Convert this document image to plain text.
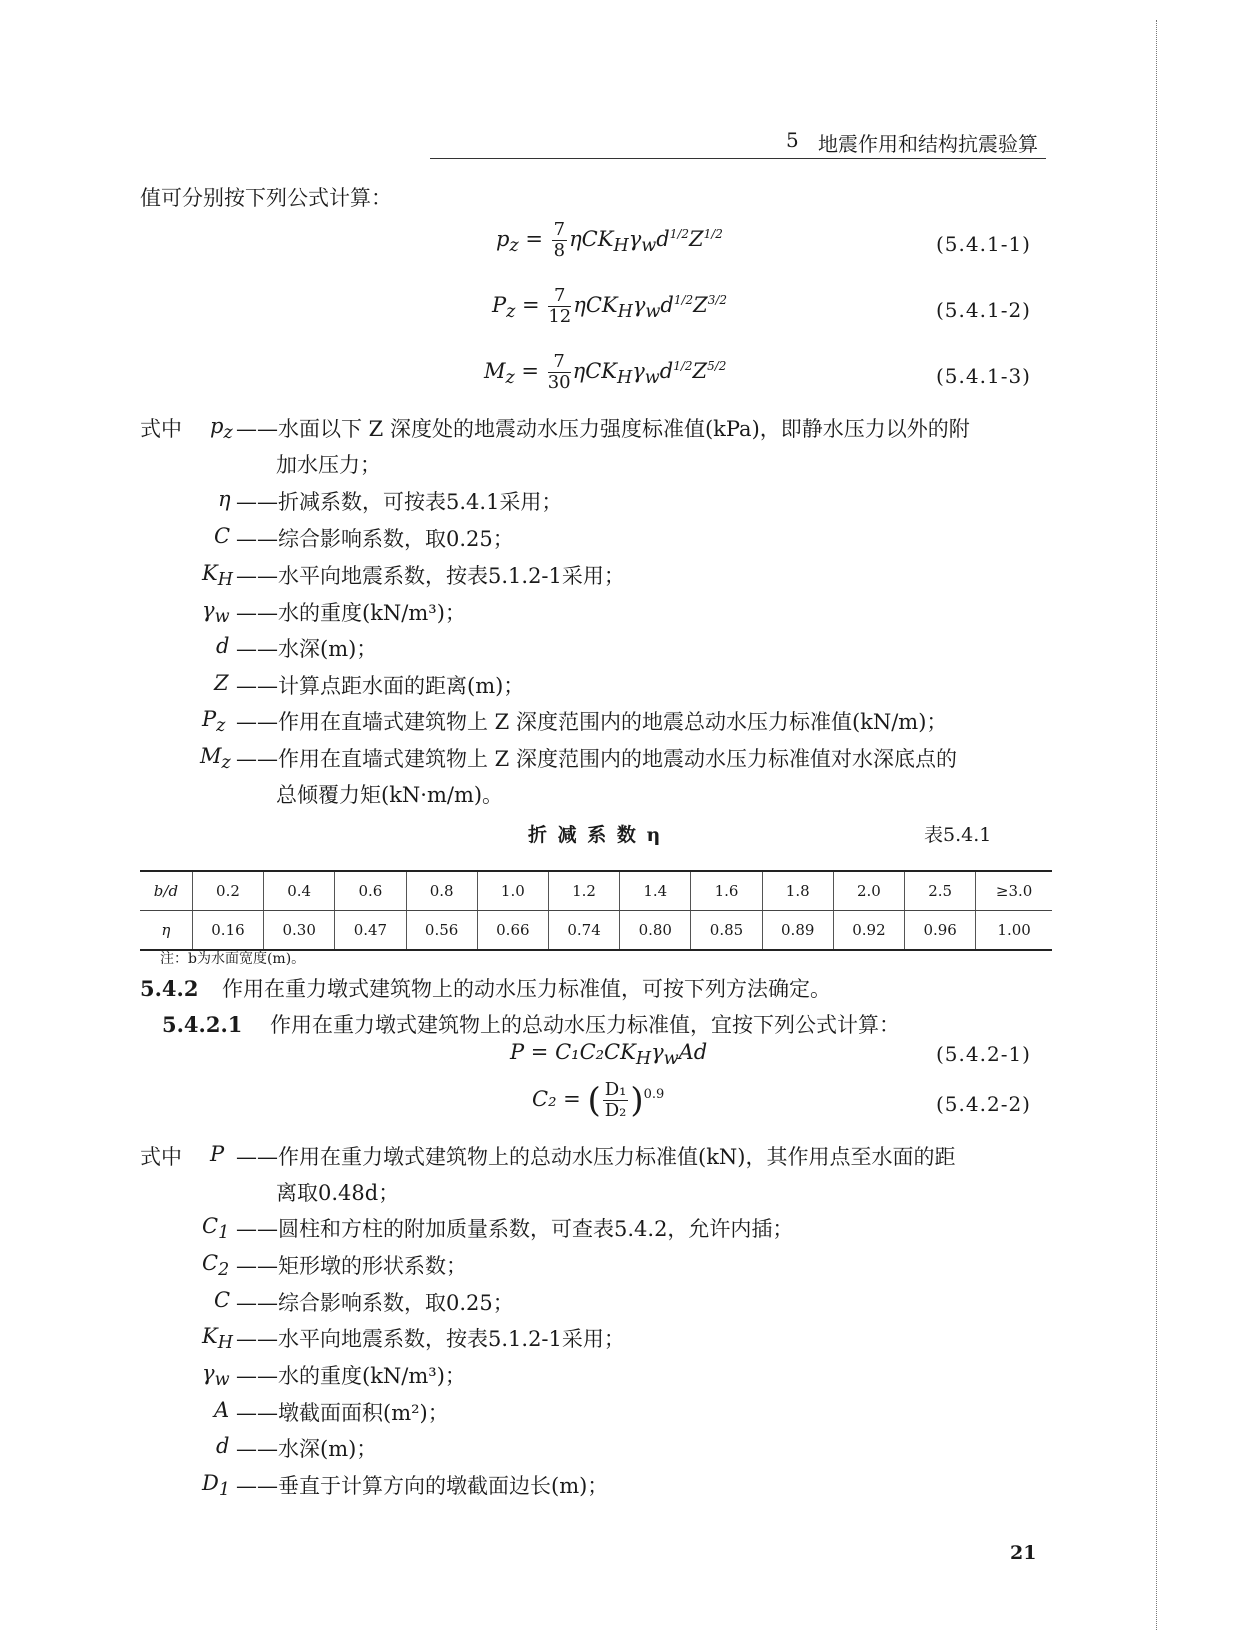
5 地震作用和结构抗震验算
值可分别按下列公式计算：
$p_z = \frac{7}{8} \eta CK_H\gamma_wd^{1/2}Z^{1/2}$	(5.4.1-1)
$P_z = \frac{7}{12} \eta CK_H\gamma_wd^{1/2}Z^{3/2}$	(5.4.1-2)
$M_z = \frac{7}{30} \eta CK_H\gamma_wd^{1/2}Z^{5/2}$	(5.4.1-3)
式中 $p_z$ ——水面以下 Z 深度处的地震动水压力强度标准值(kPa)，即静水压力以外的附
加水压力；
η ——折减系数，可按表5.4.1采用；
C ——综合影响系数，取0.25；
$K_H$ ——水平向地震系数，按表5.1.2-1采用；
$\gamma_w$ ——水的重度(kN/m³)；
d ——水深(m)；
Z ——计算点距水面的距离(m)；
$P_z$ ——作用在直墙式建筑物上 Z 深度范围内的地震总动水压力标准值(kN/m)；
$M_z$ ——作用在直墙式建筑物上 Z 深度范围内的地震动水压力标准值对水深底点的
总倾覆力矩(kN·m/m)。
折 减 系 数 η	表5.4.1
b/d	0.2	0.4	0.6	0.8	1.0	1.2	1.4	1.6	1.8	2.0	2.5	≥3.0
η	0.16	0.30	0.47	0.56	0.66	0.74	0.80	0.85	0.89	0.92	0.96	1.00
注：b为水面宽度(m)。
5.4.2 作用在重力墩式建筑物上的动水压力标准值，可按下列方法确定。
5.4.2.1 作用在重力墩式建筑物上的总动水压力标准值，宜按下列公式计算：
$P = C_1C_2CK_H\gamma_wAd$	(5.4.2-1)
C₂ = ( $\frac{\text{D₁}}{\text{D₂}} )^{0.9}$	(5.4.2-2)
式中 P ——作用在重力墩式建筑物上的总动水压力标准值(kN)，其作用点至水面的距
离取0.48d；
$C_1$ ——圆柱和方柱的附加质量系数，可查表5.4.2，允许内插；
$C_2$ ——矩形墩的形状系数；
C ——综合影响系数，取0.25；
$K_H$ ——水平向地震系数，按表5.1.2-1采用；
$\gamma_w$ ——水的重度(kN/m³)；
A ——墩截面面积(m²)；
d ——水深(m)；
$D_1$ ——垂直于计算方向的墩截面边长(m)；
21
